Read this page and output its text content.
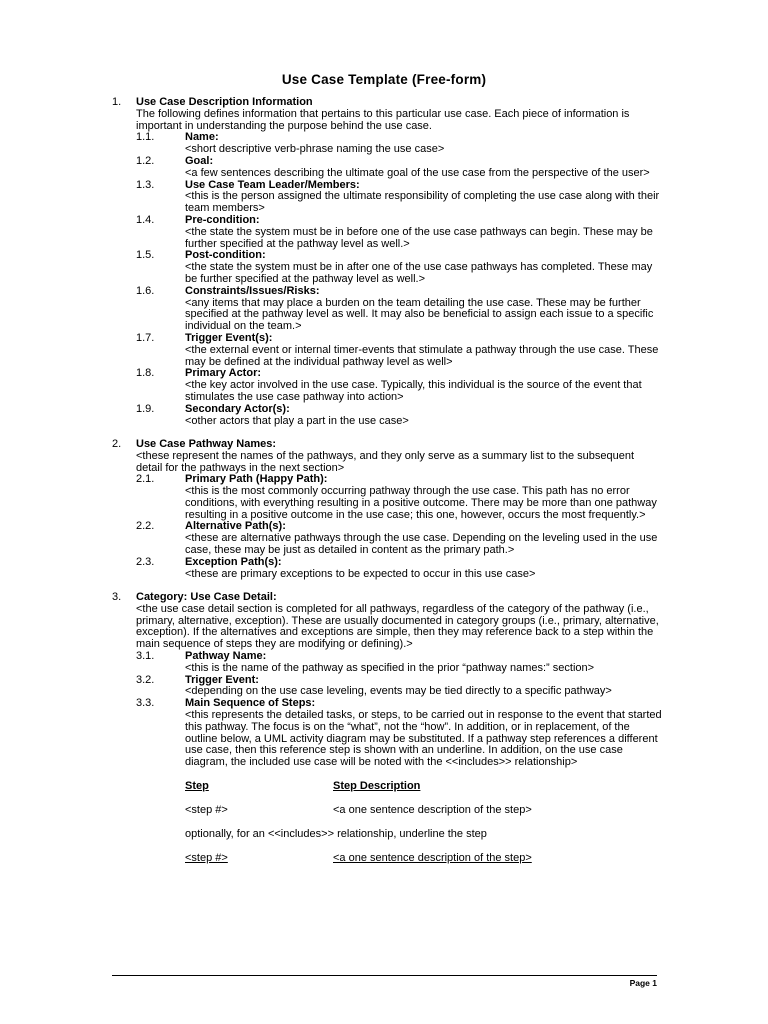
Use Case Template (Free-form)
1. Use Case Description Information
The following defines information that pertains to this particular use case. Each piece of information is important in understanding the purpose behind the use case.
1.1.	Name:
<short descriptive verb-phrase naming the use case>
1.2.	Goal:
<a few sentences describing the ultimate goal of the use case from the perspective of the user>
1.3.	Use Case Team Leader/Members:
<this is the person assigned the ultimate responsibility of completing the use case along with their team members>
1.4.	Pre-condition:
<the state the system must be in before one of the use case pathways can begin. These may be further specified at the pathway level as well.>
1.5.	Post-condition:
<the state the system must be in after one of the use case pathways has completed. These may be further specified at the pathway level as well.>
1.6.	Constraints/Issues/Risks:
<any items that may place a burden on the team detailing the use case. These may be further specified at the pathway level as well. It may also be beneficial to assign each issue to a specific individual on the team.>
1.7.	Trigger Event(s):
<the external event or internal timer-events that stimulate a pathway through the use case. These may be defined at the individual pathway level as well>
1.8.	Primary Actor:
<the key actor involved in the use case. Typically, this individual is the source of the event that stimulates the use case pathway into action>
1.9.	Secondary Actor(s):
<other actors that play a part in the use case>
2. Use Case Pathway Names:
<these represent the names of the pathways, and they only serve as a summary list to the subsequent detail for the pathways in the next section>
2.1.	Primary Path (Happy Path):
<this is the most commonly occurring pathway through the use case. This path has no error conditions, with everything resulting in a positive outcome. There may be more than one pathway resulting in a positive outcome in the use case; this one, however, occurs the most frequently.>
2.2.	Alternative Path(s):
<these are alternative pathways through the use case. Depending on the leveling used in the use case, these may be just as detailed in content as the primary path.>
2.3.	Exception Path(s):
<these are primary exceptions to be expected to occur in this use case>
3. Category: Use Case Detail:
<the use case detail section is completed for all pathways, regardless of the category of the pathway (i.e., primary, alternative, exception). These are usually documented in category groups (i.e., primary, alternative, exception). If the alternatives and exceptions are simple, then they may reference back to a step within the main sequence of steps they are modifying or defining).>
3.1.	Pathway Name:
<this is the name of the pathway as specified in the prior “pathway names:” section>
3.2.	Trigger Event:
<depending on the use case leveling, events may be tied directly to a specific pathway>
3.3.	Main Sequence of Steps:
<this represents the detailed tasks, or steps, to be carried out in response to the event that started this pathway. The focus is on the “what”, not the “how”. In addition, or in replacement, of the outline below, a UML activity diagram may be substituted. If a pathway step references a different use case, then this reference step is shown with an underline. In addition, on the use case diagram, the included use case will be noted with the <<includes>> relationship>
Step	Step Description
<step #>	<a one sentence description of the step>
optionally, for an <<includes>> relationship, underline the step
<step #>	<a one sentence description of the step>
Page 1
